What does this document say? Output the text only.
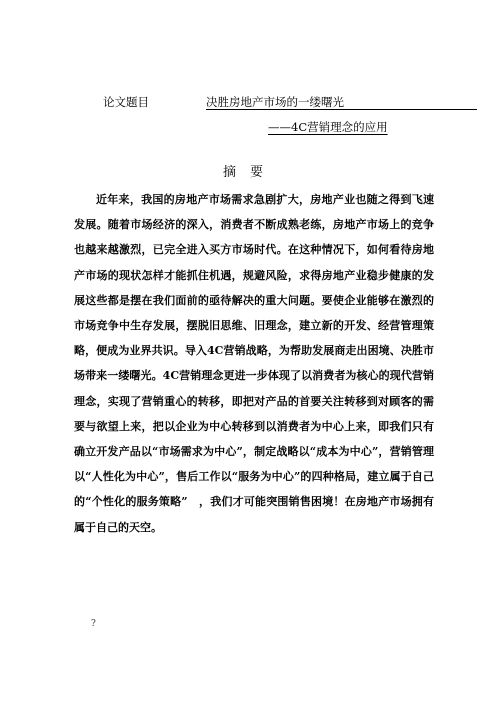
论文题目	决胜房地产市场的一缕曙光
——4C营销理念的应用
摘要

近年来，我国的房地产市场需求急剧扩大，房地产业也随之得到飞速发展。随着市场经济的深入，消费者不断成熟老练，房地产市场上的竞争也越来越激烈，已完全进入买方市场时代。在这种情况下，如何看待房地产市场的现状怎样才能抓住机遇，规避风险，求得房地产业稳步健康的发展这些都是摆在我们面前的亟待解决的重大问题。要使企业能够在激烈的市场竞争中生存发展，摆脱旧思维、旧理念，建立新的开发、经营管理策略，便成为业界共识。导入4C营销战略，为帮助发展商走出困境、决胜市场带来一缕曙光。4C营销理念更进一步体现了以消费者为核心的现代营销理念，实现了营销重心的转移，即把对产品的首要关注转移到对顾客的需要与欲望上来，把以企业为中心转移到以消费者为中心上来，即我们只有确立开发产品以“市场需求为中心”，制定战略以“成本为中心”，营销管理以“人性化为中心”，售后工作以“服务为中心”的四种格局，建立属于自己的“个性化的服务策略”　，我们才可能突围销售困境！在房地产市场拥有属于自己的天空。

?
